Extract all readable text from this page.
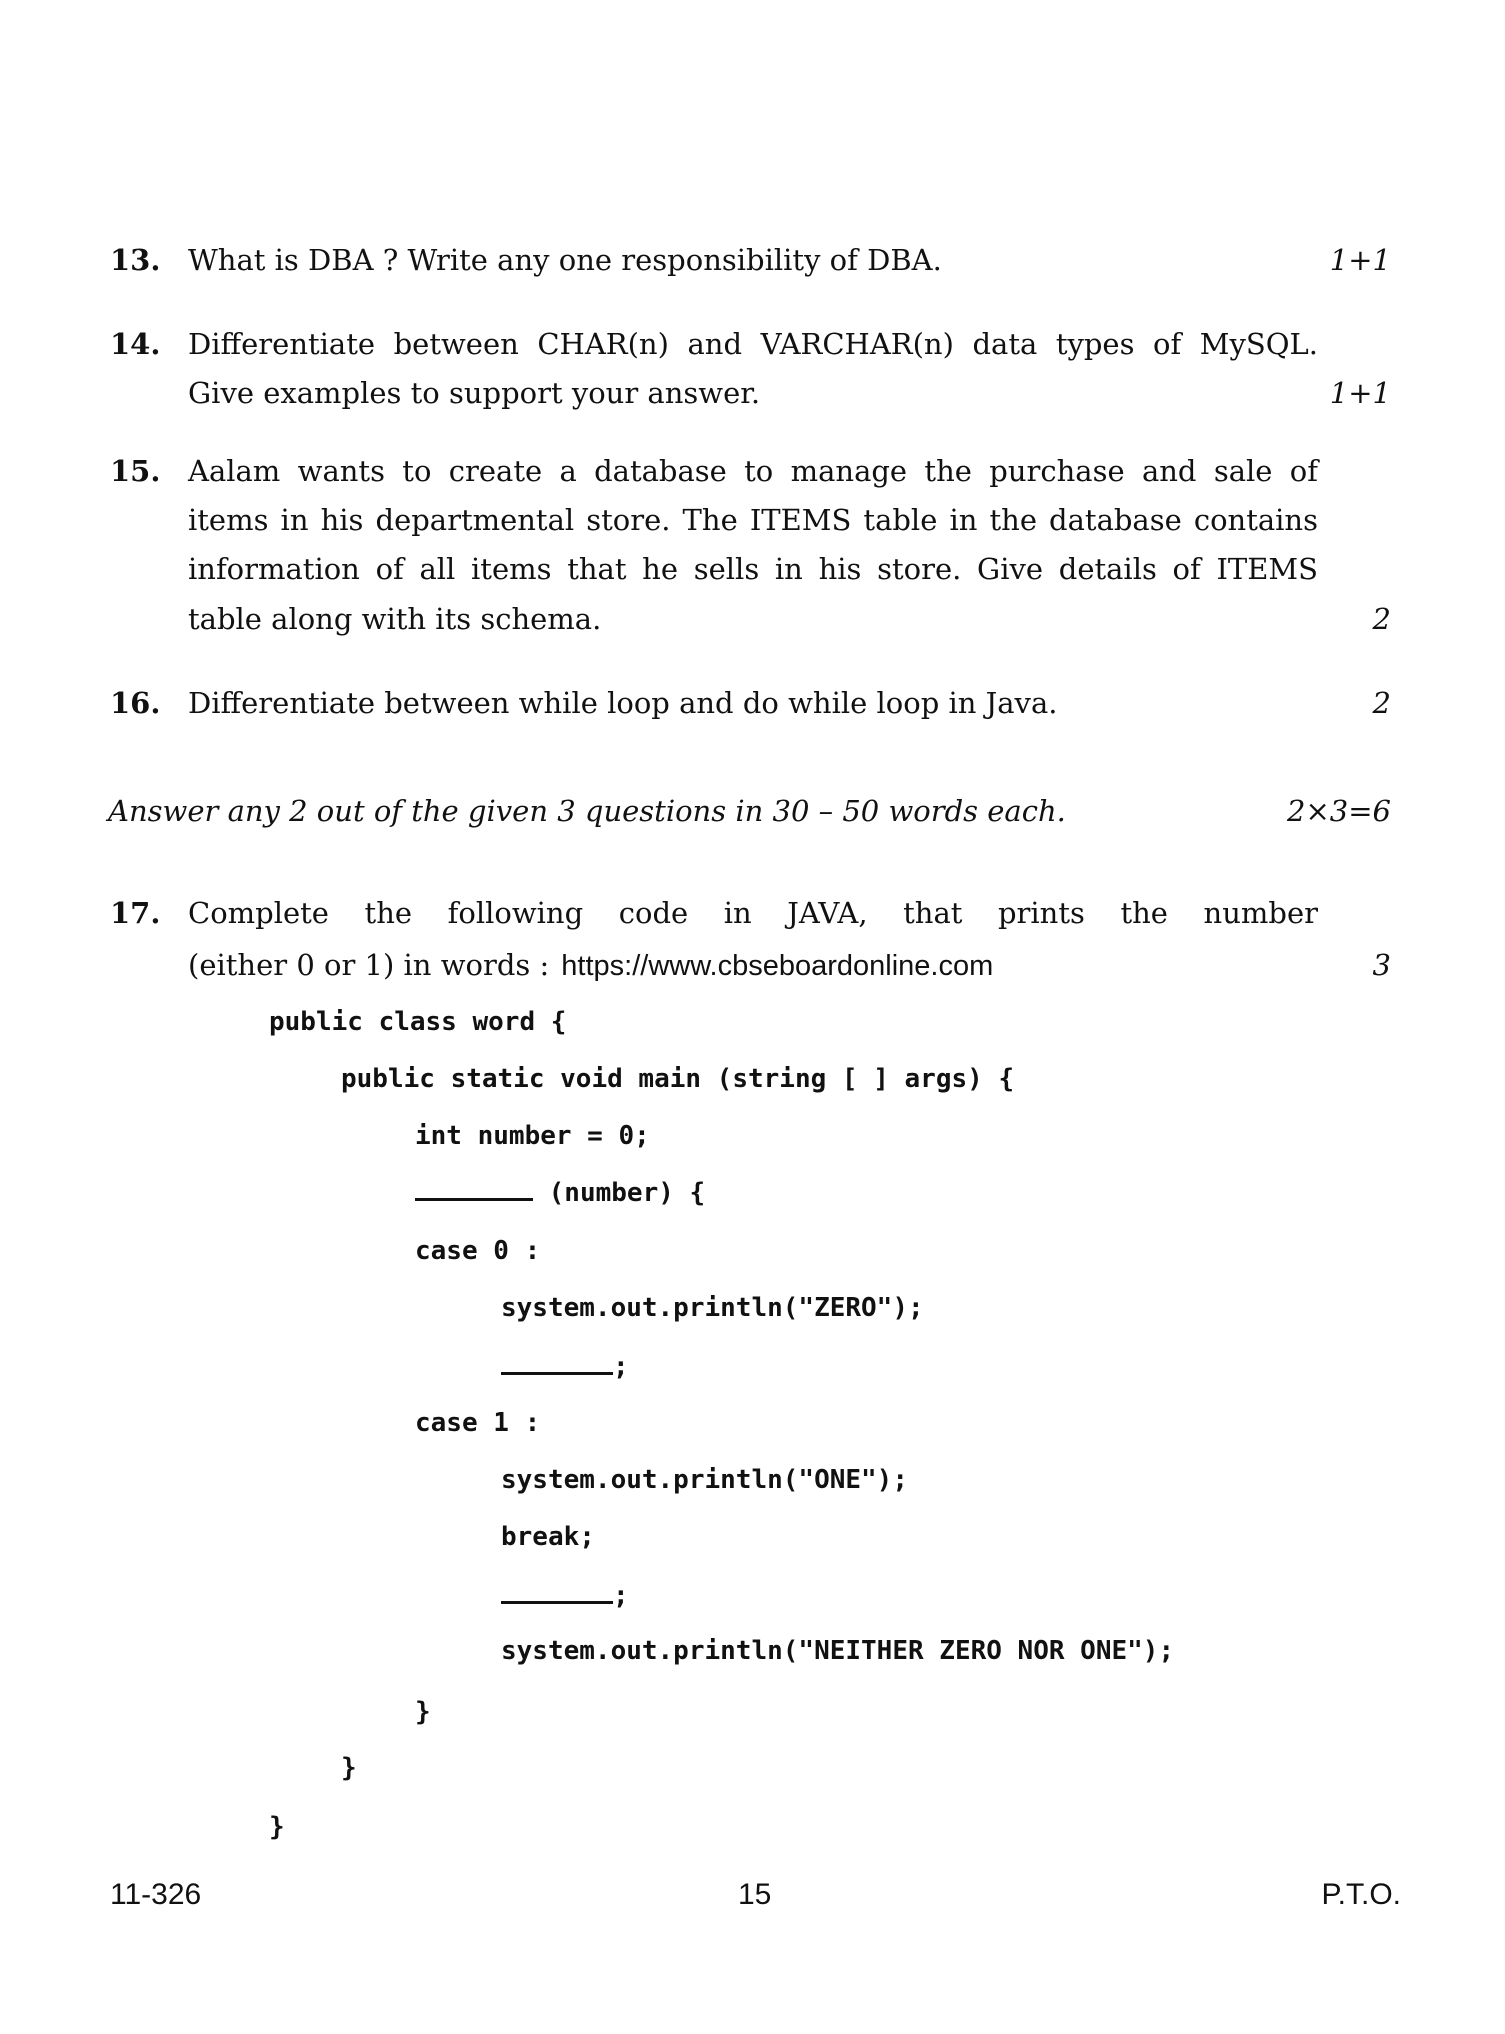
13. What is DBA ? Write any one responsibility of DBA.	1+1
14. Differentiate between CHAR(n) and VARCHAR(n) data types of MySQL.
Give examples to support your answer.	1+1
15. Aalam wants to create a database to manage the purchase and sale of
items in his departmental store. The ITEMS table in the database contains
information of all items that he sells in his store. Give details of ITEMS
table along with its schema.	2
16. Differentiate between while loop and do while loop in Java.	2
Answer any 2 out of the given 3 questions in 30 – 50 words each.	2×3=6
17. Complete the following code in JAVA, that prints the number
(either 0 or 1) in words : https://www.cbseboardonline.com	3
public class word {
public static void main (string [ ] args) {
int number = 0;
(number) {
case 0 :
system.out.println("ZERO");
;
case 1 :
system.out.println("ONE");
break;
;
system.out.println("NEITHER ZERO NOR ONE");
}
}
}
11-326	15	P.T.O.
